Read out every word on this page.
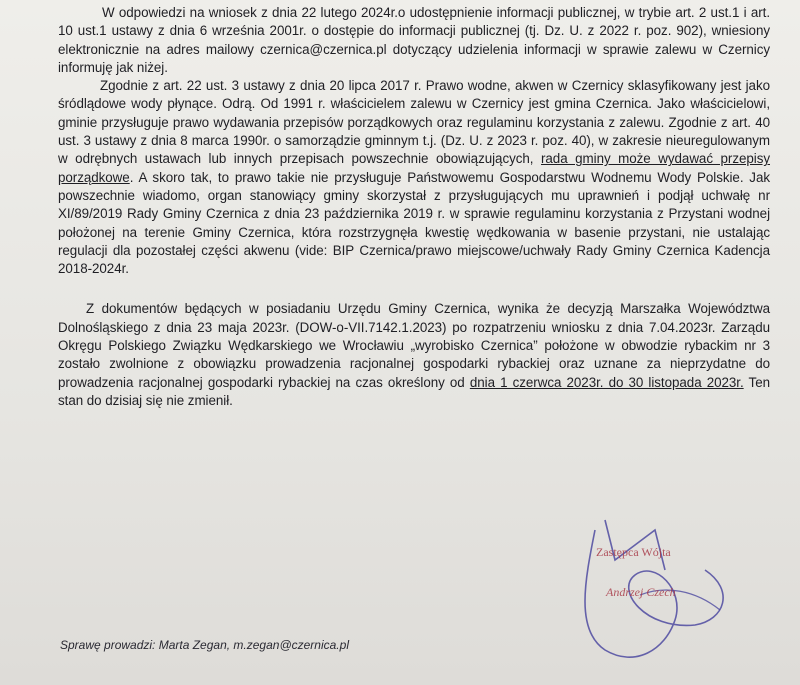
W odpowiedzi na wniosek z dnia 22 lutego 2024r.o udostępnienie informacji publicznej, w trybie art. 2 ust.1 i art. 10 ust.1 ustawy z dnia 6 września 2001r. o dostępie do informacji publicznej (tj. Dz. U. z 2022 r. poz. 902), wniesiony elektronicznie na adres mailowy czernica@czernica.pl dotyczący udzielenia informacji w sprawie zalewu w Czernicy informuję jak niżej.

Zgodnie z art. 22 ust. 3 ustawy z dnia 20 lipca 2017 r. Prawo wodne, akwen w Czernicy sklasyfikowany jest jako śródlądowe wody płynące. Odrą. Od 1991 r. właścicielem zalewu w Czernicy jest gmina Czernica. Jako właścicielowi, gminie przysługuje prawo wydawania przepisów porządkowych oraz regulaminu korzystania z zalewu. Zgodnie z art. 40 ust. 3 ustawy z dnia 8 marca 1990r. o samorządzie gminnym t.j. (Dz. U. z 2023 r. poz. 40), w zakresie nieuregulowanym w odrębnych ustawach lub innych przepisach powszechnie obowiązujących, rada gminy może wydawać przepisy porządkowe. A skoro tak, to prawo takie nie przysługuje Państwowemu Gospodarstwu Wodnemu Wody Polskie. Jak powszechnie wiadomo, organ stanowiący gminy skorzystał z przysługujących mu uprawnień i podjął uchwałę nr XI/89/2019 Rady Gminy Czernica z dnia 23 października 2019 r. w sprawie regulaminu korzystania z Przystani wodnej położonej na terenie Gminy Czernica, która rozstrzygnęła kwestię wędkowania w basenie przystani, nie ustalając regulacji dla pozostałej części akwenu (vide: BIP Czernica/prawo miejscowe/uchwały Rady Gminy Czernica Kadencja 2018-2024r.

Z dokumentów będących w posiadaniu Urzędu Gminy Czernica, wynika że decyzją Marszałka Województwa Dolnośląskiego z dnia 23 maja 2023r. (DOW-o-VII.7142.1.2023) po rozpatrzeniu wniosku z dnia 7.04.2023r. Zarządu Okręgu Polskiego Związku Wędkarskiego we Wrocławiu „wyrobisko Czernica” położone w obwodzie rybackim nr 3 zostało zwolnione z obowiązku prowadzenia racjonalnej gospodarki rybackiej oraz uznane za nieprzydatne do prowadzenia racjonalnej gospodarki rybackiej na czas określony od dnia 1 czerwca 2023r. do 30 listopada 2023r. Ten stan do dzisiaj się nie zmienił.

Zastępca Wójta
Andrzej Czech
Sprawę prowadzi: Marta Zegan, m.zegan@czernica.pl
